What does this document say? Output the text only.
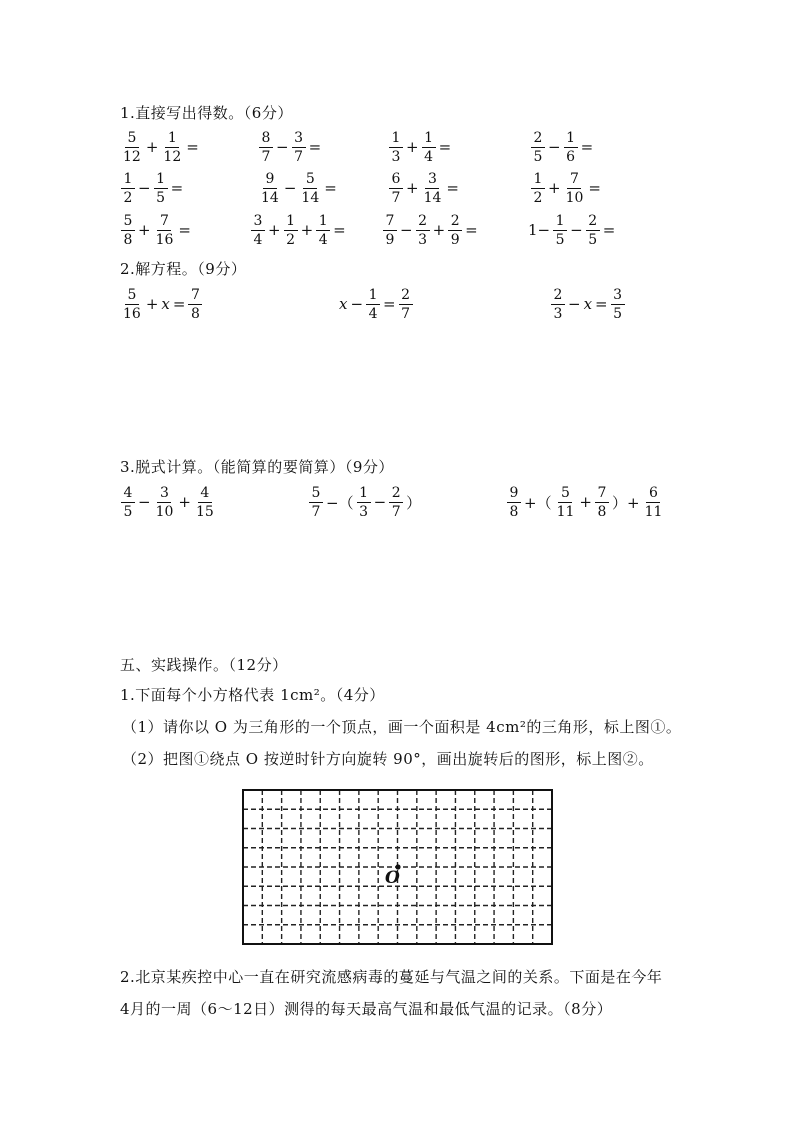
1.直接写出得数。（6分）
$\frac{5}{12} + \frac{1}{12}$ =	$\frac{8}{7} - \frac{3}{7}$ =	$\frac{1}{3} + \frac{1}{4}$ =	$\frac{2}{5} - \frac{1}{6}$ =
$\frac{1}{2} - \frac{1}{5}$ =	$\frac{9}{14} - \frac{5}{14}$ =	$\frac{6}{7} + \frac{3}{14}$ =	$\frac{1}{2} + \frac{7}{10}$ =
$\frac{5}{8} + \frac{7}{16}$ =	$\frac{3}{4} + \frac{1}{2} + \frac{1}{4}$ =	$\frac{7}{9} - \frac{2}{3} + \frac{2}{9}$ =	$1- \frac{1}{5} - \frac{2}{5}$ =
2.解方程。（9分）
$\frac{5}{16} + x = \frac{7}{8}$	$x - \frac{1}{4} = \frac{2}{7}$	$\frac{2}{3} - x = \frac{3}{5}$
3.脱式计算。（能简算的要简算）（9分）
$\frac{4}{5} - \frac{3}{10} + \frac{4}{15}$	$\frac{5}{7}$ −（ $\frac{1}{3} - \frac{2}{7}$ ）	$\frac{9}{8}$ +（ $\frac{5}{11} + \frac{7}{8}$ ）+ $\frac{6}{11}$
五、实践操作。（12分）
1.下面每个小方格代表 1cm²。（4分）
（1）请你以 O 为三角形的一个顶点，画一个面积是 4cm²的三角形，标上图①。
（2）把图①绕点 O 按逆时针方向旋转 90°，画出旋转后的图形，标上图②。
O
2.北京某疾控中心一直在研究流感病毒的蔓延与气温之间的关系。下面是在今年
4月的一周（6～12日）测得的每天最高气温和最低气温的记录。（8分）
